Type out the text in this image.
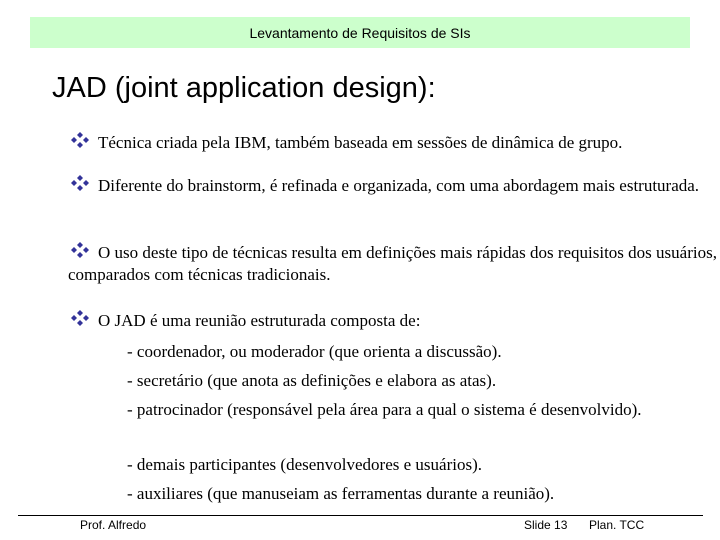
Levantamento de Requisitos de SIs
JAD (joint application design):
Técnica criada pela IBM, também baseada em sessões de dinâmica de grupo.
Diferente do brainstorm, é refinada e organizada, com uma abordagem mais estruturada.
O uso deste tipo de técnicas resulta em definições mais rápidas dos requisitos dos usuários, comparados com técnicas tradicionais.
O JAD é uma reunião estruturada composta de:
- coordenador, ou moderador (que orienta a discussão).
- secretário (que anota as definições e elabora as atas).
- patrocinador (responsável pela área para a qual o sistema é desenvolvido).
- demais participantes (desenvolvedores e usuários).
- auxiliares (que manuseiam as ferramentas durante a reunião).
Prof. Alfredo	Slide 13 Plan. TCC
